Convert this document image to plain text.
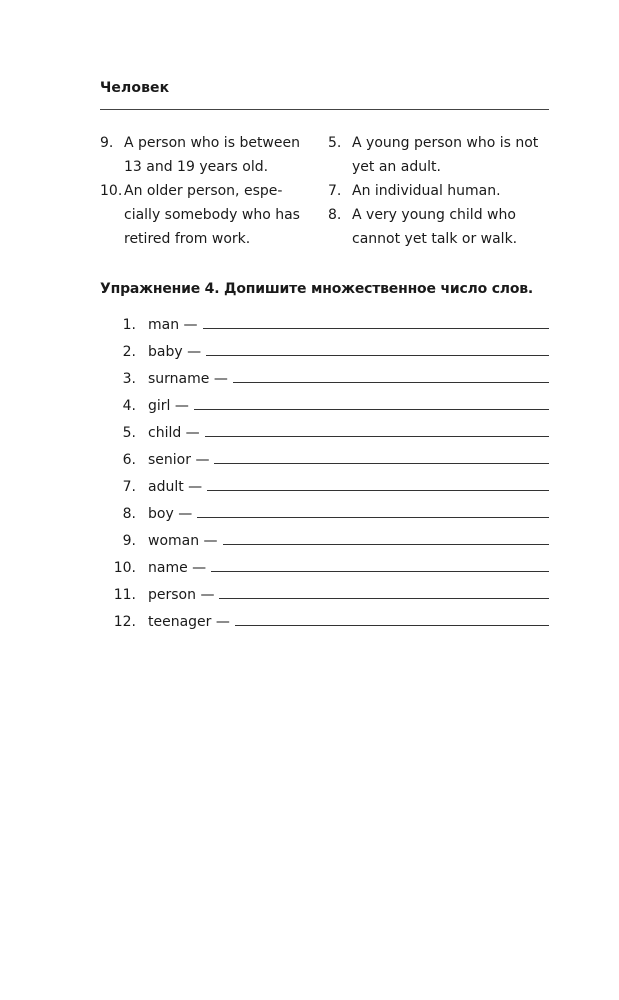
Человек
9. A person who is between
13 and 19 years old.
10. An older person, espe-
cially somebody who has
retired from work.
5. A young person who is not
yet an adult.
7. An individual human.
8. A very young child who
cannot yet talk or walk.
Упражнение 4. Допишите множественное число слов.
1. man —
2. baby —
3. surname —
4. girl —
5. child —
6. senior —
7. adult —
8. boy —
9. woman —
10. name —
11. person —
12. teenager —
